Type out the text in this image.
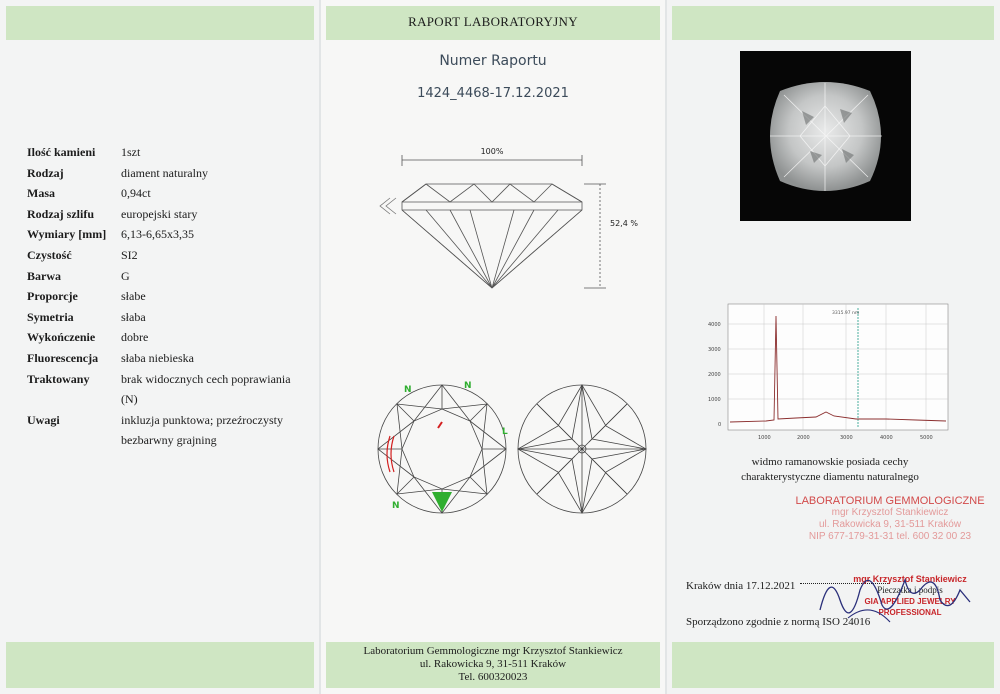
RAPORT LABORATORYJNY
Numer Raportu
1424_4468-17.12.2021
Ilość kamieni	1szt
Rodzaj	diament naturalny
Masa	0,94ct
Rodzaj szlifu	europejski stary
Wymiary [mm]	6,13-6,65x3,35
Czystość	SI2
Barwa	G
Proporcje	słabe
Symetria	słaba
Wykończenie	dobre
Fluorescencja	słaba niebieska
Traktowany	brak widocznych cech poprawiania
(N)
Uwagi	inkluzja punktowa; przeźroczysty
bezbarwny grajning
100%
52,4 %
N	N
N
L
4000
3000
2000
1000
0
1000	2000	3000	4000	5000
3315.97 nm
widmo ramanowskie posiada cechy
charakterystyczne diamentu naturalnego
LABORATORIUM GEMMOLOGICZNE
mgr Krzysztof Stankiewicz
ul. Rakowicka 9, 31-511 Kraków
NIP 677-179-31-31 tel. 600 32 00 23
Kraków dnia 17.12.2021
mgr Krzysztof Stankiewicz
Pieczątka i podpis
GIA APPLIED JEWELRY PROFESSIONAL
Sporządzono zgodnie z normą ISO 24016
Laboratorium Gemmologiczne mgr Krzysztof Stankiewicz
ul. Rakowicka 9, 31-511 Kraków
Tel. 600320023
